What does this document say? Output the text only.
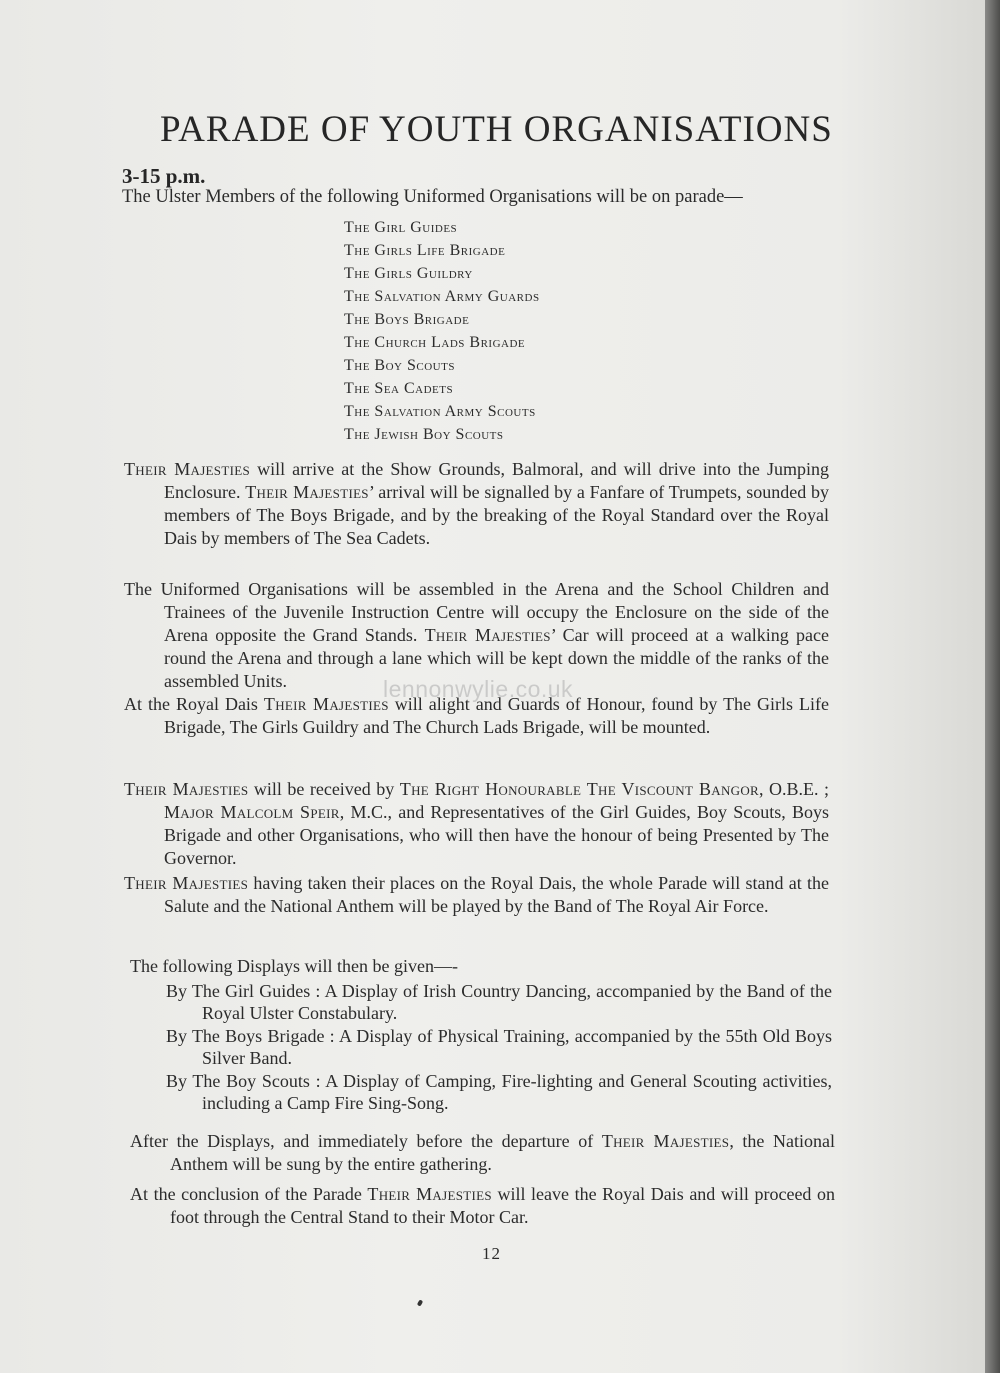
PARADE OF YOUTH ORGANISATIONS
3-15 p.m.
The Ulster Members of the following Uniformed Organisations will be on parade—
The Girl Guides
The Girls Life Brigade
The Girls Guildry
The Salvation Army Guards
The Boys Brigade
The Church Lads Brigade
The Boy Scouts
The Sea Cadets
The Salvation Army Scouts
The Jewish Boy Scouts

Their Majesties will arrive at the Show Grounds, Balmoral, and will drive into the Jumping Enclosure. Their Majesties’ arrival will be signalled by a Fanfare of Trumpets, sounded by members of The Boys Brigade, and by the breaking of the Royal Standard over the Royal Dais by members of The Sea Cadets.

The Uniformed Organisations will be assembled in the Arena and the School Children and Trainees of the Juvenile Instruction Centre will occupy the Enclosure on the side of the Arena opposite the Grand Stands. Their Majesties’ Car will proceed at a walking pace round the Arena and through a lane which will be kept down the middle of the ranks of the assembled Units.

At the Royal Dais Their Majesties will alight and Guards of Honour, found by The Girls Life Brigade, The Girls Guildry and The Church Lads Brigade, will be mounted.

Their Majesties will be received by The Right Honourable The Viscount Bangor, O.B.E. ; Major Malcolm Speir, M.C., and Representatives of the Girl Guides, Boy Scouts, Boys Brigade and other Organisations, who will then have the honour of being Presented by The Governor.

Their Majesties having taken their places on the Royal Dais, the whole Parade will stand at the Salute and the National Anthem will be played by the Band of The Royal Air Force.

The following Displays will then be given—-

By The Girl Guides : A Display of Irish Country Dancing, accompanied by the Band of the Royal Ulster Constabulary.

By The Boys Brigade : A Display of Physical Training, accompanied by the 55th Old Boys Silver Band.

By The Boy Scouts : A Display of Camping, Fire-lighting and General Scouting activities, including a Camp Fire Sing-Song.

After the Displays, and immediately before the departure of Their Majesties, the National Anthem will be sung by the entire gathering.

At the conclusion of the Parade Their Majesties will leave the Royal Dais and will proceed on foot through the Central Stand to their Motor Car.

lennonwylie.co.uk
12
